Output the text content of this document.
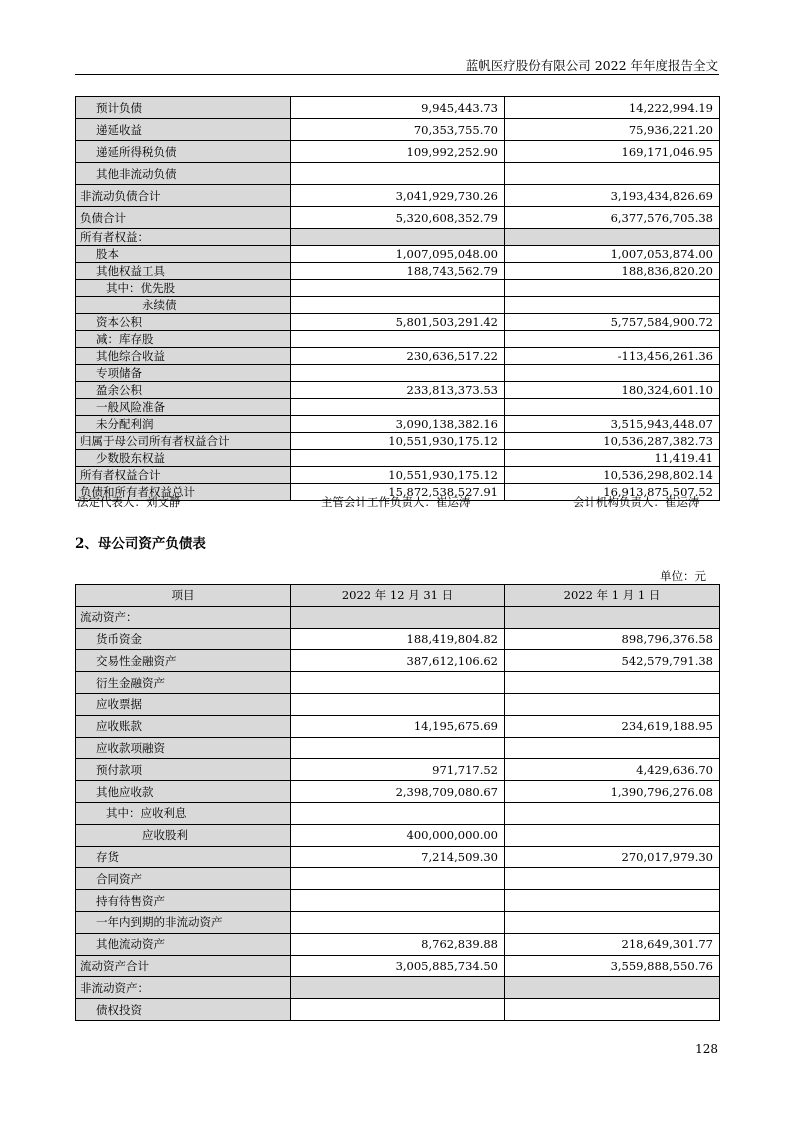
蓝帆医疗股份有限公司 2022 年年度报告全文
预计负债	9,945,443.73	14,222,994.19
递延收益	70,353,755.70	75,936,221.20
递延所得税负债	109,992,252.90	169,171,046.95
其他非流动负债		
非流动负债合计	3,041,929,730.26	3,193,434,826.69
负债合计	5,320,608,352.79	6,377,576,705.38
所有者权益：		
股本	1,007,095,048.00	1,007,053,874.00
其他权益工具	188,743,562.79	188,836,820.20
其中：优先股		
永续债		
资本公积	5,801,503,291.42	5,757,584,900.72
减：库存股		
其他综合收益	230,636,517.22	-113,456,261.36
专项储备		
盈余公积	233,813,373.53	180,324,601.10
一般风险准备		
未分配利润	3,090,138,382.16	3,515,943,448.07
归属于母公司所有者权益合计	10,551,930,175.12	10,536,287,382.73
少数股东权益		11,419.41
所有者权益合计	10,551,930,175.12	10,536,298,802.14
负债和所有者权益总计	15,872,538,527.91	16,913,875,507.52
法定代表人：刘文静	主管会计工作负责人：崔运涛	会计机构负责人：崔运涛
2、母公司资产负债表
单位：元
项目	2022 年 12 月 31 日	2022 年 1 月 1 日
流动资产：		
货币资金	188,419,804.82	898,796,376.58
交易性金融资产	387,612,106.62	542,579,791.38
衍生金融资产		
应收票据		
应收账款	14,195,675.69	234,619,188.95
应收款项融资		
预付款项	971,717.52	4,429,636.70
其他应收款	2,398,709,080.67	1,390,796,276.08
其中：应收利息		
应收股利	400,000,000.00	
存货	7,214,509.30	270,017,979.30
合同资产		
持有待售资产		
一年内到期的非流动资产		
其他流动资产	8,762,839.88	218,649,301.77
流动资产合计	3,005,885,734.50	3,559,888,550.76
非流动资产：		
债权投资		
128
